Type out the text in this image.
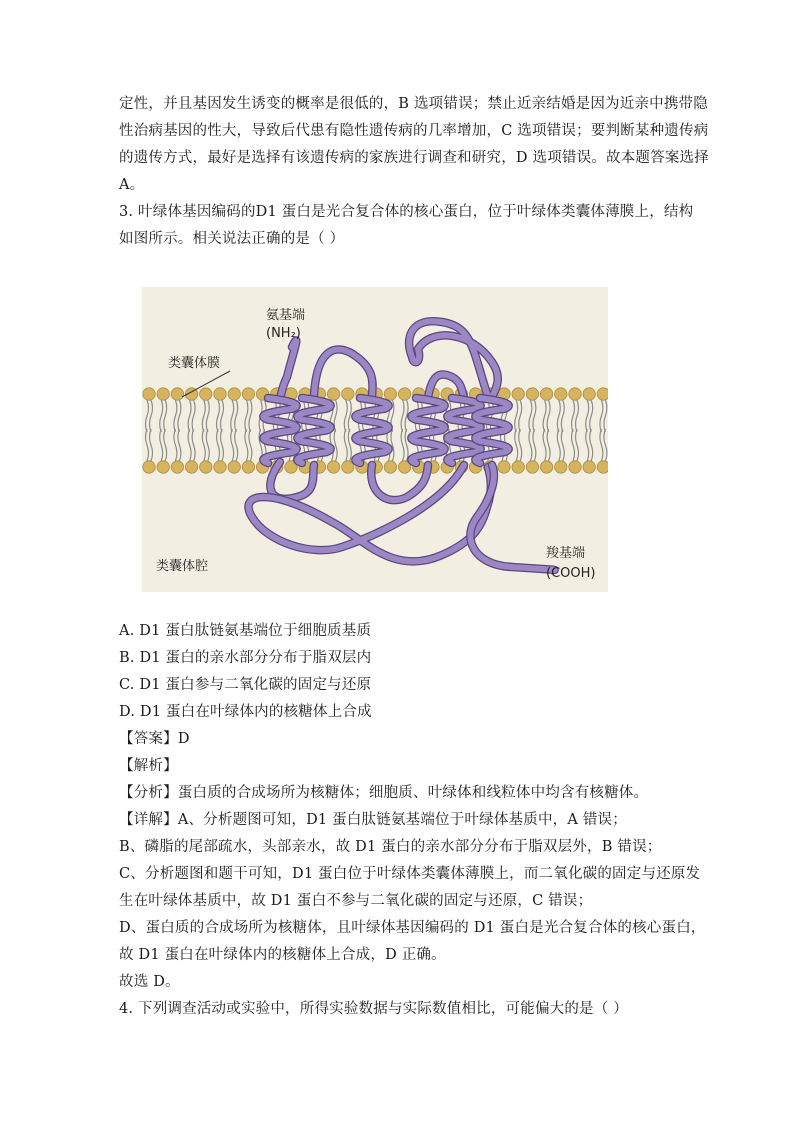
定性，并且基因发生诱变的概率是很低的，B 选项错误；禁止近亲结婚是因为近亲中携带隐
性治病基因的性大，导致后代患有隐性遗传病的几率增加，C 选项错误；要判断某种遗传病
的遗传方式，最好是选择有该遗传病的家族进行调查和研究，D 选项错误。故本题答案选择
A。
3. 叶绿体基因编码的D1 蛋白是光合复合体的核心蛋白，位于叶绿体类囊体薄膜上，结构
如图所示。相关说法正确的是（ ）
氨基端
(NH₂)
类囊体膜
类囊体腔
羧基端
(COOH)
A. D1 蛋白肽链氨基端位于细胞质基质
B. D1 蛋白的亲水部分分布于脂双层内
C. D1 蛋白参与二氧化碳的固定与还原
D. D1 蛋白在叶绿体内的核糖体上合成
【答案】D
【解析】
【分析】蛋白质的合成场所为核糖体；细胞质、叶绿体和线粒体中均含有核糖体。
【详解】A、分析题图可知，D1 蛋白肽链氨基端位于叶绿体基质中，A 错误；
B、磷脂的尾部疏水，头部亲水，故 D1 蛋白的亲水部分分布于脂双层外，B 错误；
C、分析题图和题干可知，D1 蛋白位于叶绿体类囊体薄膜上，而二氧化碳的固定与还原发
生在叶绿体基质中，故 D1 蛋白不参与二氧化碳的固定与还原，C 错误；
D、蛋白质的合成场所为核糖体，且叶绿体基因编码的 D1 蛋白是光合复合体的核心蛋白，
故 D1 蛋白在叶绿体内的核糖体上合成，D 正确。
故选 D。
4. 下列调查活动或实验中，所得实验数据与实际数值相比，可能偏大的是（ ）
